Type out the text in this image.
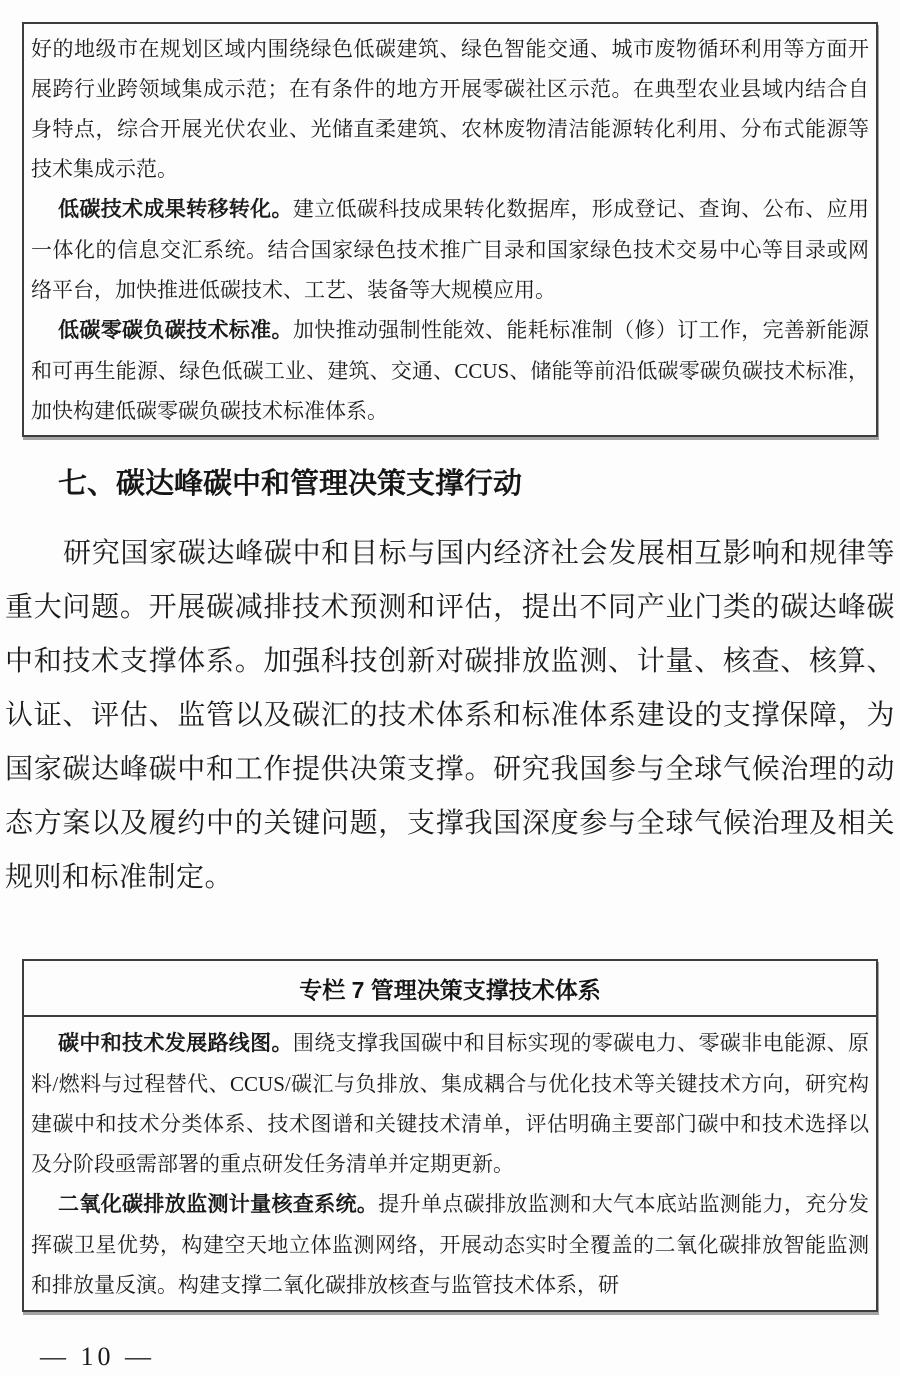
好的地级市在规划区域内围绕绿色低碳建筑、绿色智能交通、城市废物循环利用等方面开展跨行业跨领域集成示范；在有条件的地方开展零碳社区示范。在典型农业县域内结合自身特点，综合开展光伏农业、光储直柔建筑、农林废物清洁能源转化利用、分布式能源等技术集成示范。

低碳技术成果转移转化。建立低碳科技成果转化数据库，形成登记、查询、公布、应用一体化的信息交汇系统。结合国家绿色技术推广目录和国家绿色技术交易中心等目录或网络平台，加快推进低碳技术、工艺、装备等大规模应用。

低碳零碳负碳技术标准。加快推动强制性能效、能耗标准制（修）订工作，完善新能源和可再生能源、绿色低碳工业、建筑、交通、CCUS、储能等前沿低碳零碳负碳技术标准，加快构建低碳零碳负碳技术标准体系。

七、碳达峰碳中和管理决策支撑行动

研究国家碳达峰碳中和目标与国内经济社会发展相互影响和规律等重大问题。开展碳减排技术预测和评估，提出不同产业门类的碳达峰碳中和技术支撑体系。加强科技创新对碳排放监测、计量、核查、核算、认证、评估、监管以及碳汇的技术体系和标准体系建设的支撑保障，为国家碳达峰碳中和工作提供决策支撑。研究我国参与全球气候治理的动态方案以及履约中的关键问题，支撑我国深度参与全球气候治理及相关规则和标准制定。

专栏 7 管理决策支撑技术体系

碳中和技术发展路线图。围绕支撑我国碳中和目标实现的零碳电力、零碳非电能源、原料/燃料与过程替代、CCUS/碳汇与负排放、集成耦合与优化技术等关键技术方向，研究构建碳中和技术分类体系、技术图谱和关键技术清单，评估明确主要部门碳中和技术选择以及分阶段亟需部署的重点研发任务清单并定期更新。

二氧化碳排放监测计量核查系统。提升单点碳排放监测和大气本底站监测能力，充分发挥碳卫星优势，构建空天地立体监测网络，开展动态实时全覆盖的二氧化碳排放智能监测和排放量反演。构建支撑二氧化碳排放核查与监管技术体系，研

— 10 —
